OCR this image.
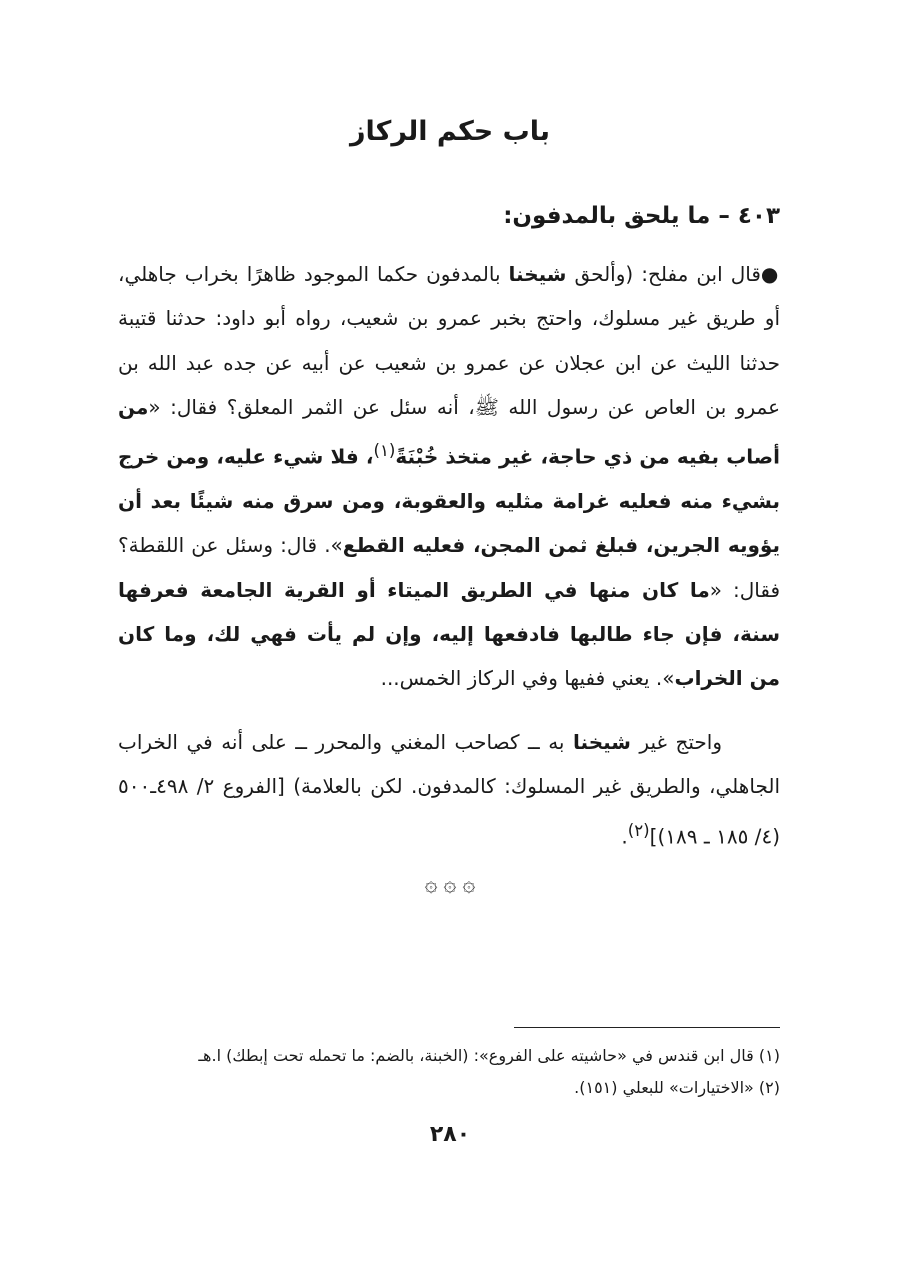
باب حكم الركاز
٤٠٣ – ما يلحق بالمدفون:

●قال ابن مفلح: (وألحق شيخنا بالمدفون حكما الموجود ظاهرًا بخراب جاهلي، أو طريق غير مسلوك، واحتج بخبر عمرو بن شعيب، رواه أبو داود: حدثنا قتيبة حدثنا الليث عن ابن عجلان عن عمرو بن شعيب عن أبيه عن جده عبد الله بن عمرو بن العاص عن رسول الله ﷺ، أنه سئل عن الثمر المعلق؟ فقال: «من أصاب بفيه من ذي حاجة، غير متخذ خُبْنَةً$^{(١)}$، فلا شيء عليه، ومن خرج بشيء منه فعليه غرامة مثليه والعقوبة، ومن سرق منه شيئًا بعد أن يؤويه الجرين، فبلغ ثمن المجن، فعليه القطع». قال: وسئل عن اللقطة؟ فقال: «ما كان منها في الطريق الميتاء أو القرية الجامعة فعرفها سنة، فإن جاء طالبها فادفعها إليه، وإن لم يأت فهي لك، وما كان من الخراب». يعني ففيها وفي الركاز الخمس...

واحتج غير شيخنا به ــ كصاحب المغني والمحرر ــ على أنه في الخراب الجاهلي، والطريق غير المسلوك: كالمدفون. لكن بالعلامة) [الفروع ٢/ ٤٩٨ـ٥٠٠ (٤/ ١٨٥ ـ ١٨٩)]$^{(٢)}$.

۞ ۞ ۞

(١) قال ابن قندس في «حاشيته على الفروع»: (الخبنة، بالضم: ما تحمله تحت إبطك) ا.هـ

(٢) «الاختيارات» للبعلي (١٥١).

٢٨٠
